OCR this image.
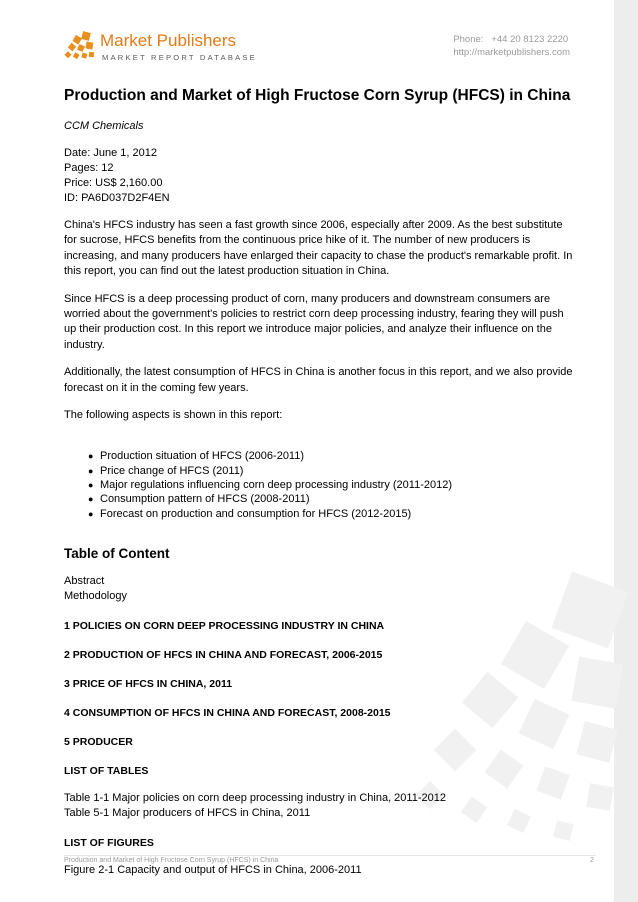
Market Publishers
MARKET REPORT DATABASE
Phone: +44 20 8123 2220
http://marketpublishers.com
Production and Market of High Fructose Corn Syrup (HFCS) in China
CCM Chemicals
Date: June 1, 2012
Pages: 12
Price: US$ 2,160.00
ID: PA6D037D2F4EN

China's HFCS industry has seen a fast growth since 2006, especially after 2009. As the best substitute for sucrose, HFCS benefits from the continuous price hike of it. The number of new producers is increasing, and many producers have enlarged their capacity to chase the product's remarkable profit. In this report, you can find out the latest production situation in China.

Since HFCS is a deep processing product of corn, many producers and downstream consumers are worried about the government's policies to restrict corn deep processing industry, fearing they will push up their production cost. In this report we introduce major policies, and analyze their influence on the industry.

Additionally, the latest consumption of HFCS in China is another focus in this report, and we also provide forecast on it in the coming few years.

The following aspects is shown in this report:

● Production situation of HFCS (2006-2011)
● Price change of HFCS (2011)
● Major regulations influencing corn deep processing industry (2011-2012)
● Consumption pattern of HFCS (2008-2011)
● Forecast on production and consumption for HFCS (2012-2015)
Table of Content
Abstract
Methodology
1 POLICIES ON CORN DEEP PROCESSING INDUSTRY IN CHINA
2 PRODUCTION OF HFCS IN CHINA AND FORECAST, 2006-2015
3 PRICE OF HFCS IN CHINA, 2011
4 CONSUMPTION OF HFCS IN CHINA AND FORECAST, 2008-2015
5 PRODUCER
LIST OF TABLES
Table 1-1 Major policies on corn deep processing industry in China, 2011-2012
Table 5-1 Major producers of HFCS in China, 2011
LIST OF FIGURES
Figure 2-1 Capacity and output of HFCS in China, 2006-2011
Production and Market of High Fructose Corn Syrup (HFCS) in China	2
